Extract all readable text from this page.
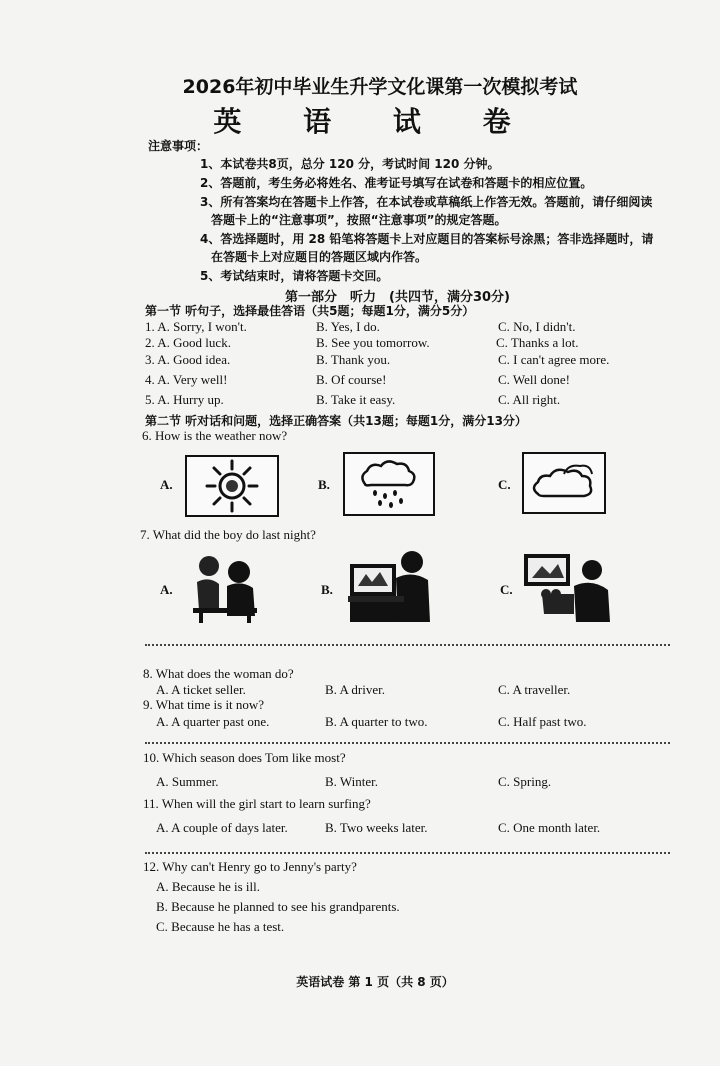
2026年初中毕业生升学文化课第一次模拟考试
英 语 试 卷
注意事项：
1、本试卷共8页，总分 120 分，考试时间 120 分钟。
2、答题前，考生务必将姓名、准考证号填写在试卷和答题卡的相应位置。
3、所有答案均在答题卡上作答，在本试卷或草稿纸上作答无效。答题前，请仔细阅读
答题卡上的“注意事项”，按照“注意事项”的规定答题。
4、答选择题时，用 28 铅笔将答题卡上对应题目的答案标号涂黑；答非选择题时，请
在答题卡上对应题目的答题区域内作答。
5、考试结束时，请将答题卡交回。
第一部分　听力　(共四节，满分30分)
第一节 听句子，选择最佳答语（共5题；每题1分，满分5分）
1. A. Sorry, I won't.	B. Yes, I do.	C. No, I didn't.
2. A. Good luck.	B. See you tomorrow.	C. Thanks a lot.
3. A. Good idea.	B. Thank you.	C. I can't agree more.
4. A. Very well!	B. Of course!	C. Well done!
5. A. Hurry up.	B. Take it easy.	C. All right.
第二节 听对话和问题，选择正确答案（共13题；每题1分，满分13分）
6. How is the weather now?
A.	B.	C.
7. What did the boy do last night?
A.	B.	C.
8. What does the woman do?
A. A ticket seller.	B. A driver.	C. A traveller.
9. What time is it now?
A. A quarter past one.	B. A quarter to two.	C. Half past two.
10. Which season does Tom like most?
A. Summer.	B. Winter.	C. Spring.
11. When will the girl start to learn surfing?
A. A couple of days later.	B. Two weeks later.	C. One month later.
12. Why can't Henry go to Jenny's party?
A. Because he is ill.
B. Because he planned to see his grandparents.
C. Because he has a test.
英语试卷 第 1 页（共 8 页）
